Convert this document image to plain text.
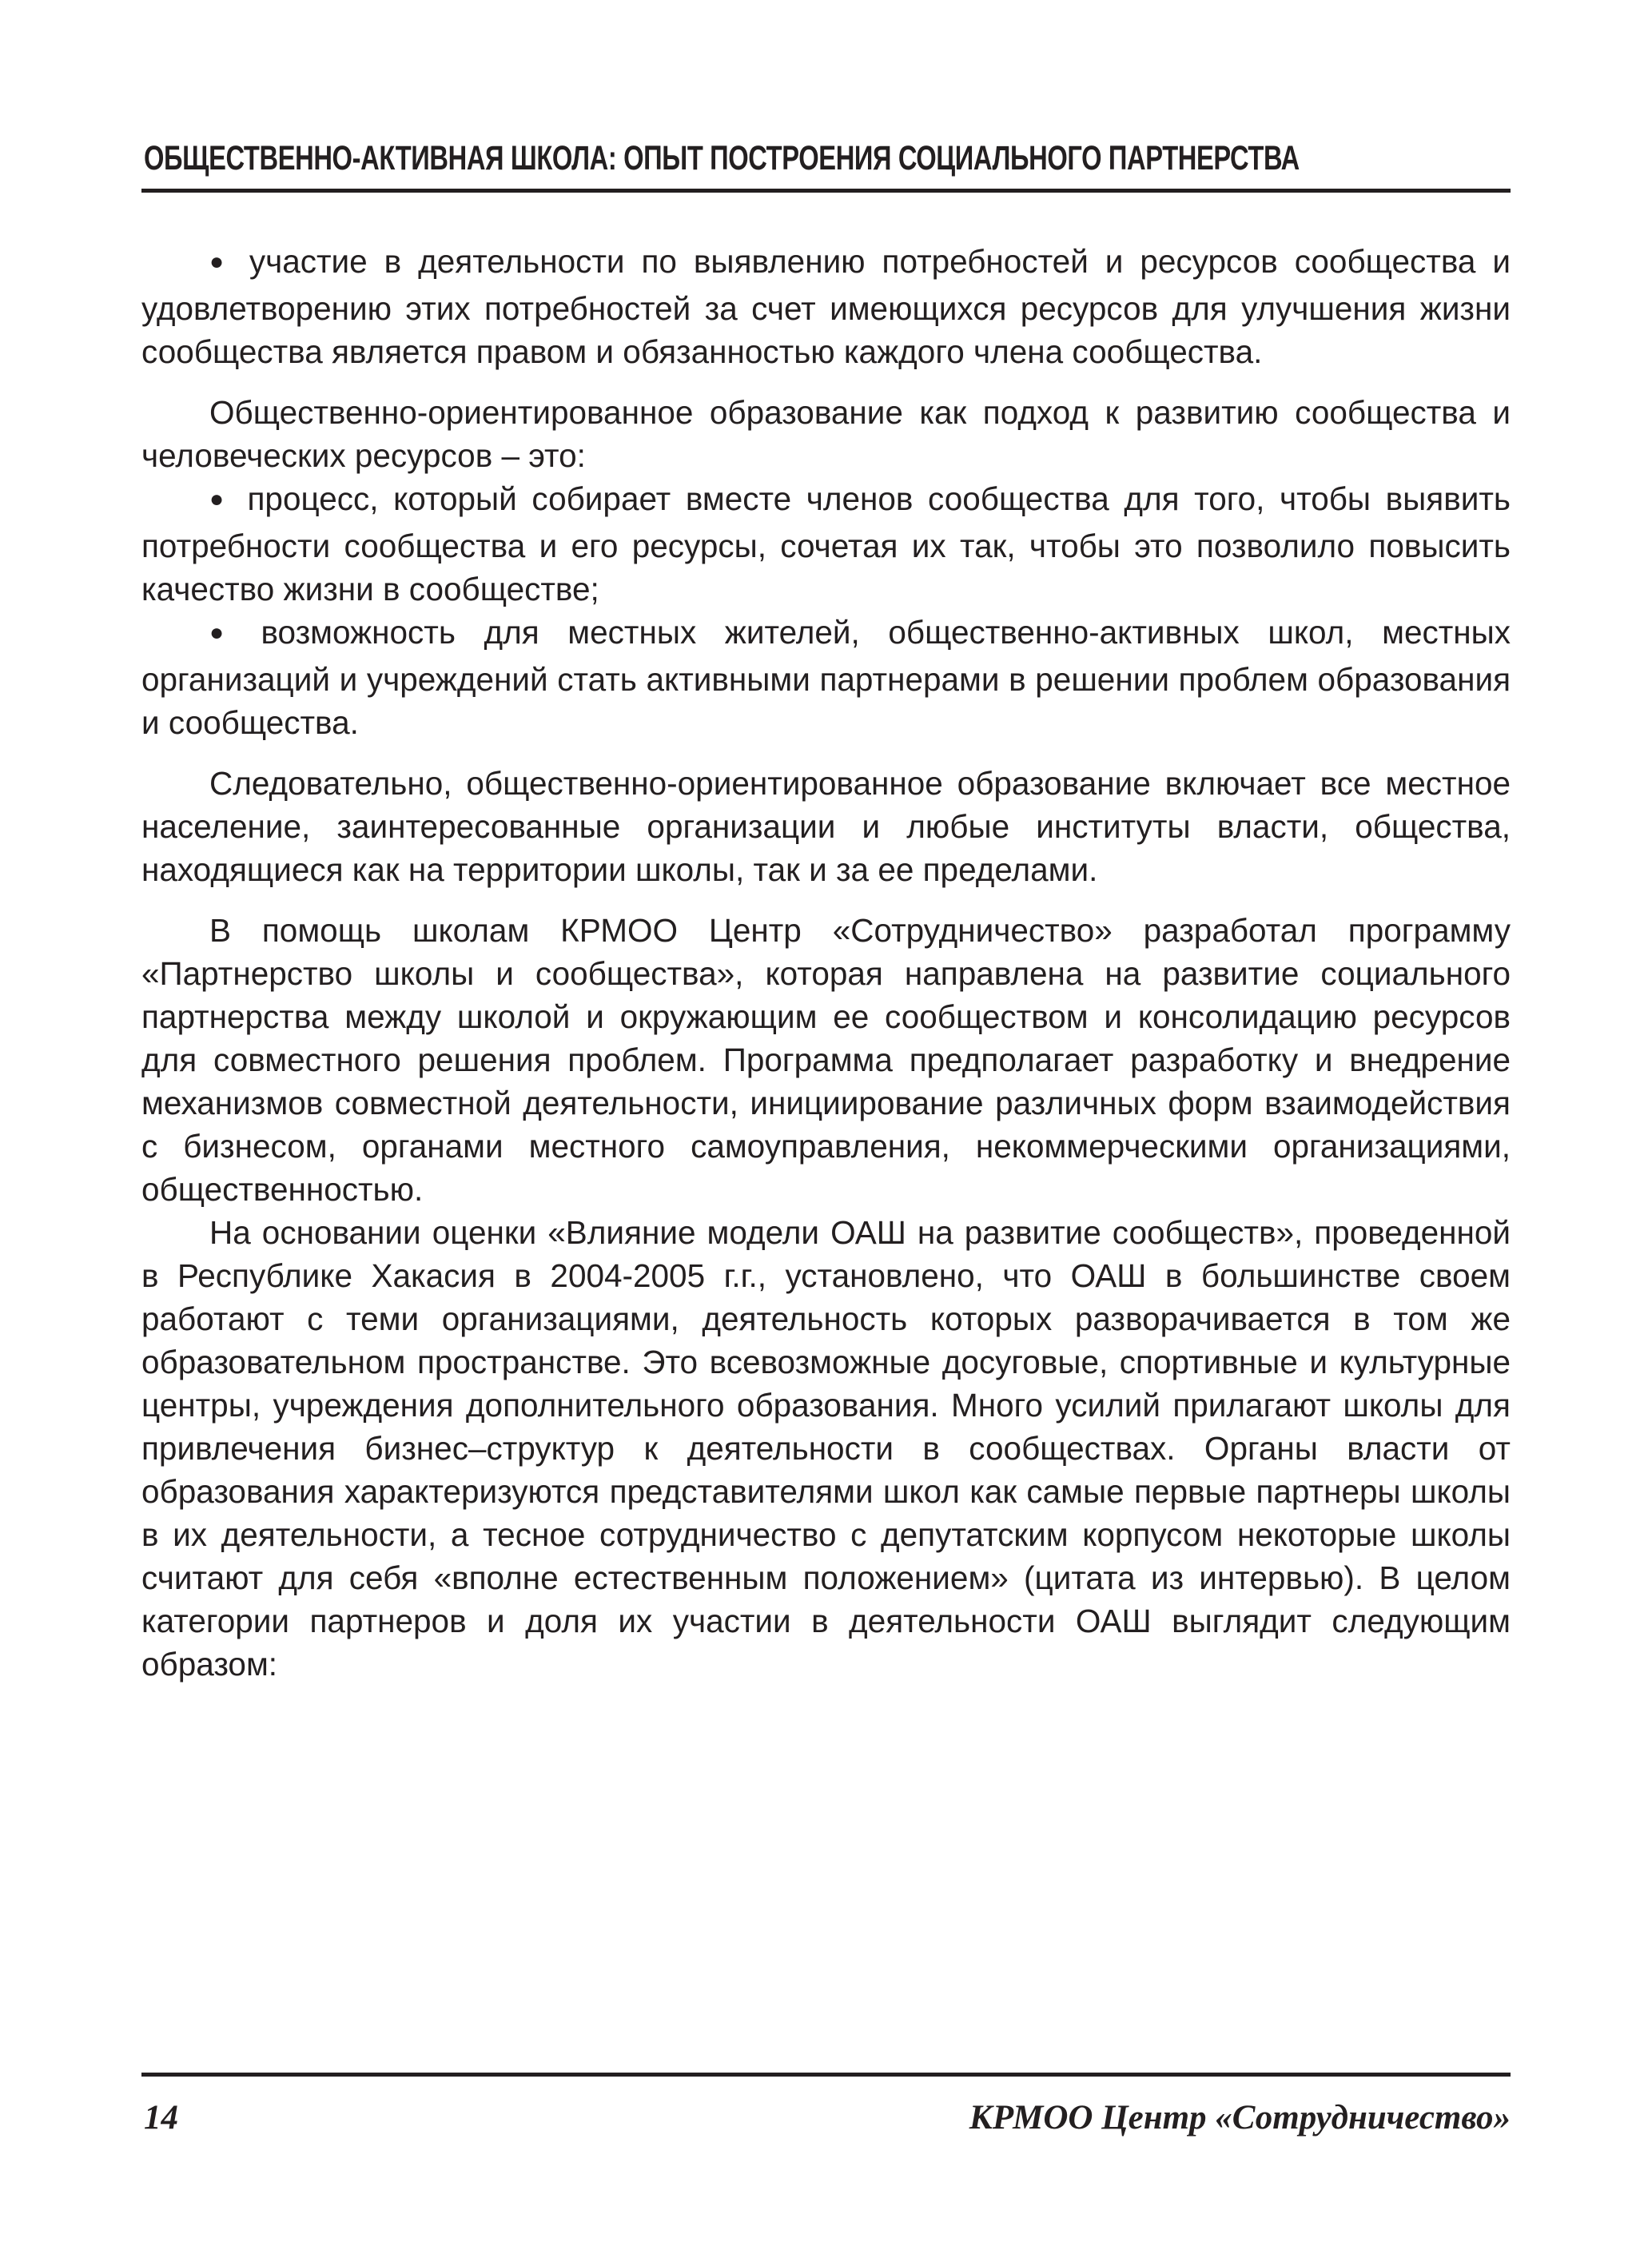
ОБЩЕСТВЕННО-АКТИВНАЯ ШКОЛА: ОПЫТ ПОСТРОЕНИЯ СОЦИАЛЬНОГО ПАРТНЕРСТВА

● участие в деятельности по выявлению потребностей и ресурсов сообщества и удовлетворению этих потребностей за счет имеющихся ресурсов для улучшения жизни сообщества является правом и обязанностью каждого члена сообщества.

Общественно-ориентированное образование как подход к развитию сообщества и человеческих ресурсов – это:

● процесс, который собирает вместе членов сообщества для того, чтобы выявить потребности сообщества и его ресурсы, сочетая их так, чтобы это позволило повысить качество жизни в сообществе;

● возможность для местных жителей, общественно-активных школ, местных организаций и учреждений стать активными партнерами в решении проблем образования и сообщества.

Следовательно, общественно-ориентированное образование включает все местное население, заинтересованные организации и любые институты власти, общества, находящиеся как на территории школы, так и за ее пределами.

В помощь школам КРМОО Центр «Сотрудничество» разработал программу «Партнерство школы и сообщества», которая направлена на развитие социального партнерства между школой и окружающим ее сообществом и консолидацию ресурсов для совместного решения проблем. Программа предполагает разработку и внедрение механизмов совместной деятельности, инициирование различных форм взаимодействия с бизнесом, органами местного самоуправления, некоммерческими организациями, общественностью.

На основании оценки «Влияние модели ОАШ на развитие сообществ», проведенной в Республике Хакасия в 2004-2005 г.г., установлено, что ОАШ в большинстве своем работают с теми организациями, деятельность которых разворачивается в том же образовательном пространстве. Это всевозможные досуговые, спортивные и культурные центры, учреждения дополнительного образования. Много усилий прилагают школы для привлечения бизнес–структур к деятельности в сообществах. Органы власти от образования характеризуются представителями школ как самые первые партнеры школы в их деятельности, а тесное сотрудничество с депутатским корпусом некоторые школы считают для себя «вполне естественным положением» (цитата из интервью). В целом категории партнеров и доля их участии в деятельности ОАШ выглядит следующим образом:

14	КРМОО Центр «Сотрудничество»
